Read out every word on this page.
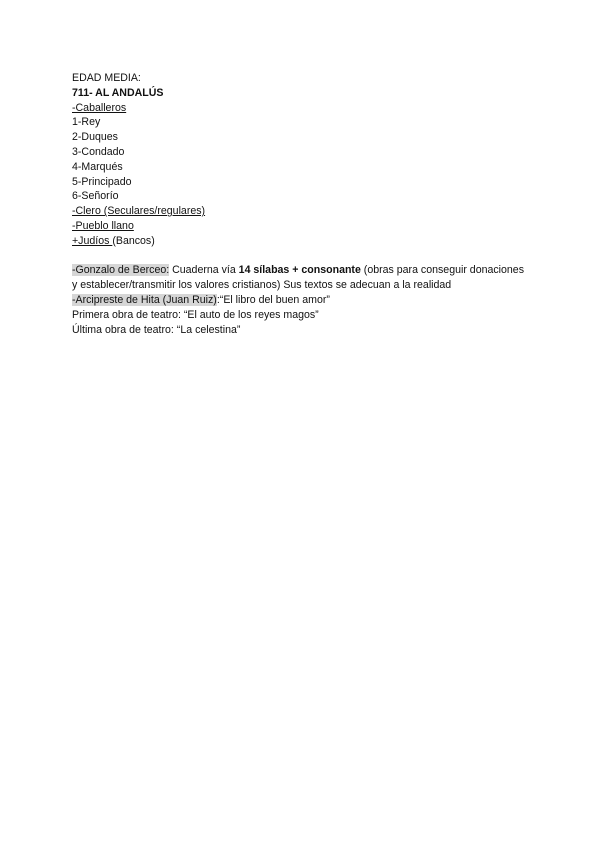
EDAD MEDIA:
711- AL ANDALÚS
-Caballeros
1-Rey
2-Duques
3-Condado
4-Marqués
5-Principado
6-Señorío
-Clero (Seculares/regulares)
-Pueblo llano
+Judíos (Bancos)
-Gonzalo de Berceo: Cuaderna vía 14 sílabas + consonante (obras para conseguir donaciones y establecer/transmitir los valores cristianos) Sus textos se adecuan a la realidad
-Arcipreste de Hita (Juan Ruiz):“El libro del buen amor”
Primera obra de teatro: “El auto de los reyes magos”
Última obra de teatro: “La celestina”
